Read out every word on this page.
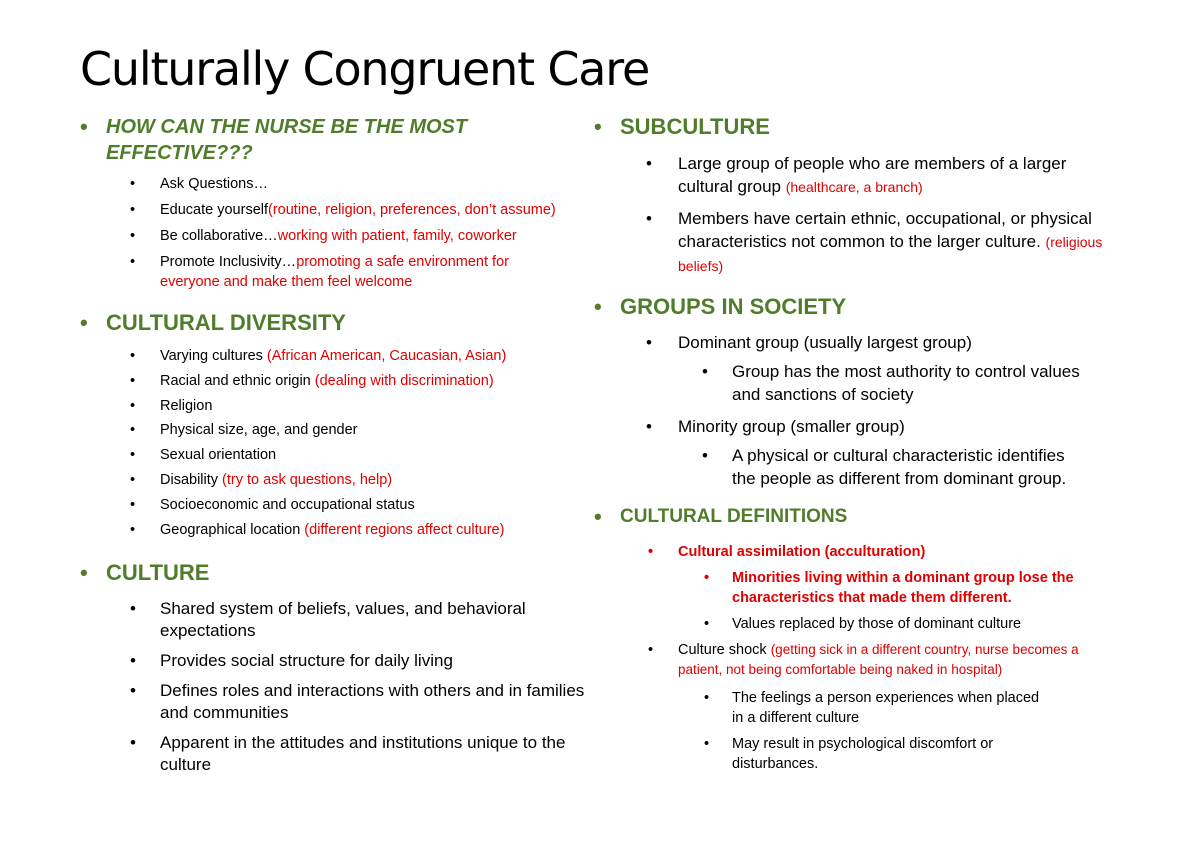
Culturally Congruent Care
• HOW CAN THE NURSE BE THE MOST EFFECTIVE???
• Ask Questions…
• Educate yourself(routine, religion, preferences, don’t assume)
• Be collaborative…working with patient, family, coworker
• Promote Inclusivity…promoting a safe environment for everyone and make them feel welcome
• CULTURAL DIVERSITY
• Varying cultures (African American, Caucasian, Asian)
• Racial and ethnic origin (dealing with discrimination)
• Religion
• Physical size, age, and gender
• Sexual orientation
• Disability (try to ask questions, help)
• Socioeconomic and occupational status
• Geographical location (different regions affect culture)
• CULTURE
• Shared system of beliefs, values, and behavioral expectations
• Provides social structure for daily living
• Defines roles and interactions with others and in families and communities
• Apparent in the attitudes and institutions unique to the culture
• SUBCULTURE
• Large group of people who are members of a larger cultural group (healthcare, a branch)
• Members have certain ethnic, occupational, or physical characteristics not common to the larger culture. (religious beliefs)
• GROUPS IN SOCIETY
• Dominant group (usually largest group)
• Group has the most authority to control values and sanctions of society
• Minority group (smaller group)
• A physical or cultural characteristic identifies the people as different from dominant group.
• CULTURAL DEFINITIONS
• Cultural assimilation (acculturation)
• Minorities living within a dominant group lose the characteristics that made them different.
• Values replaced by those of dominant culture
• Culture shock (getting sick in a different country, nurse becomes a patient, not being comfortable being naked in hospital)
• The feelings a person experiences when placed in a different culture
• May result in psychological discomfort or disturbances.
